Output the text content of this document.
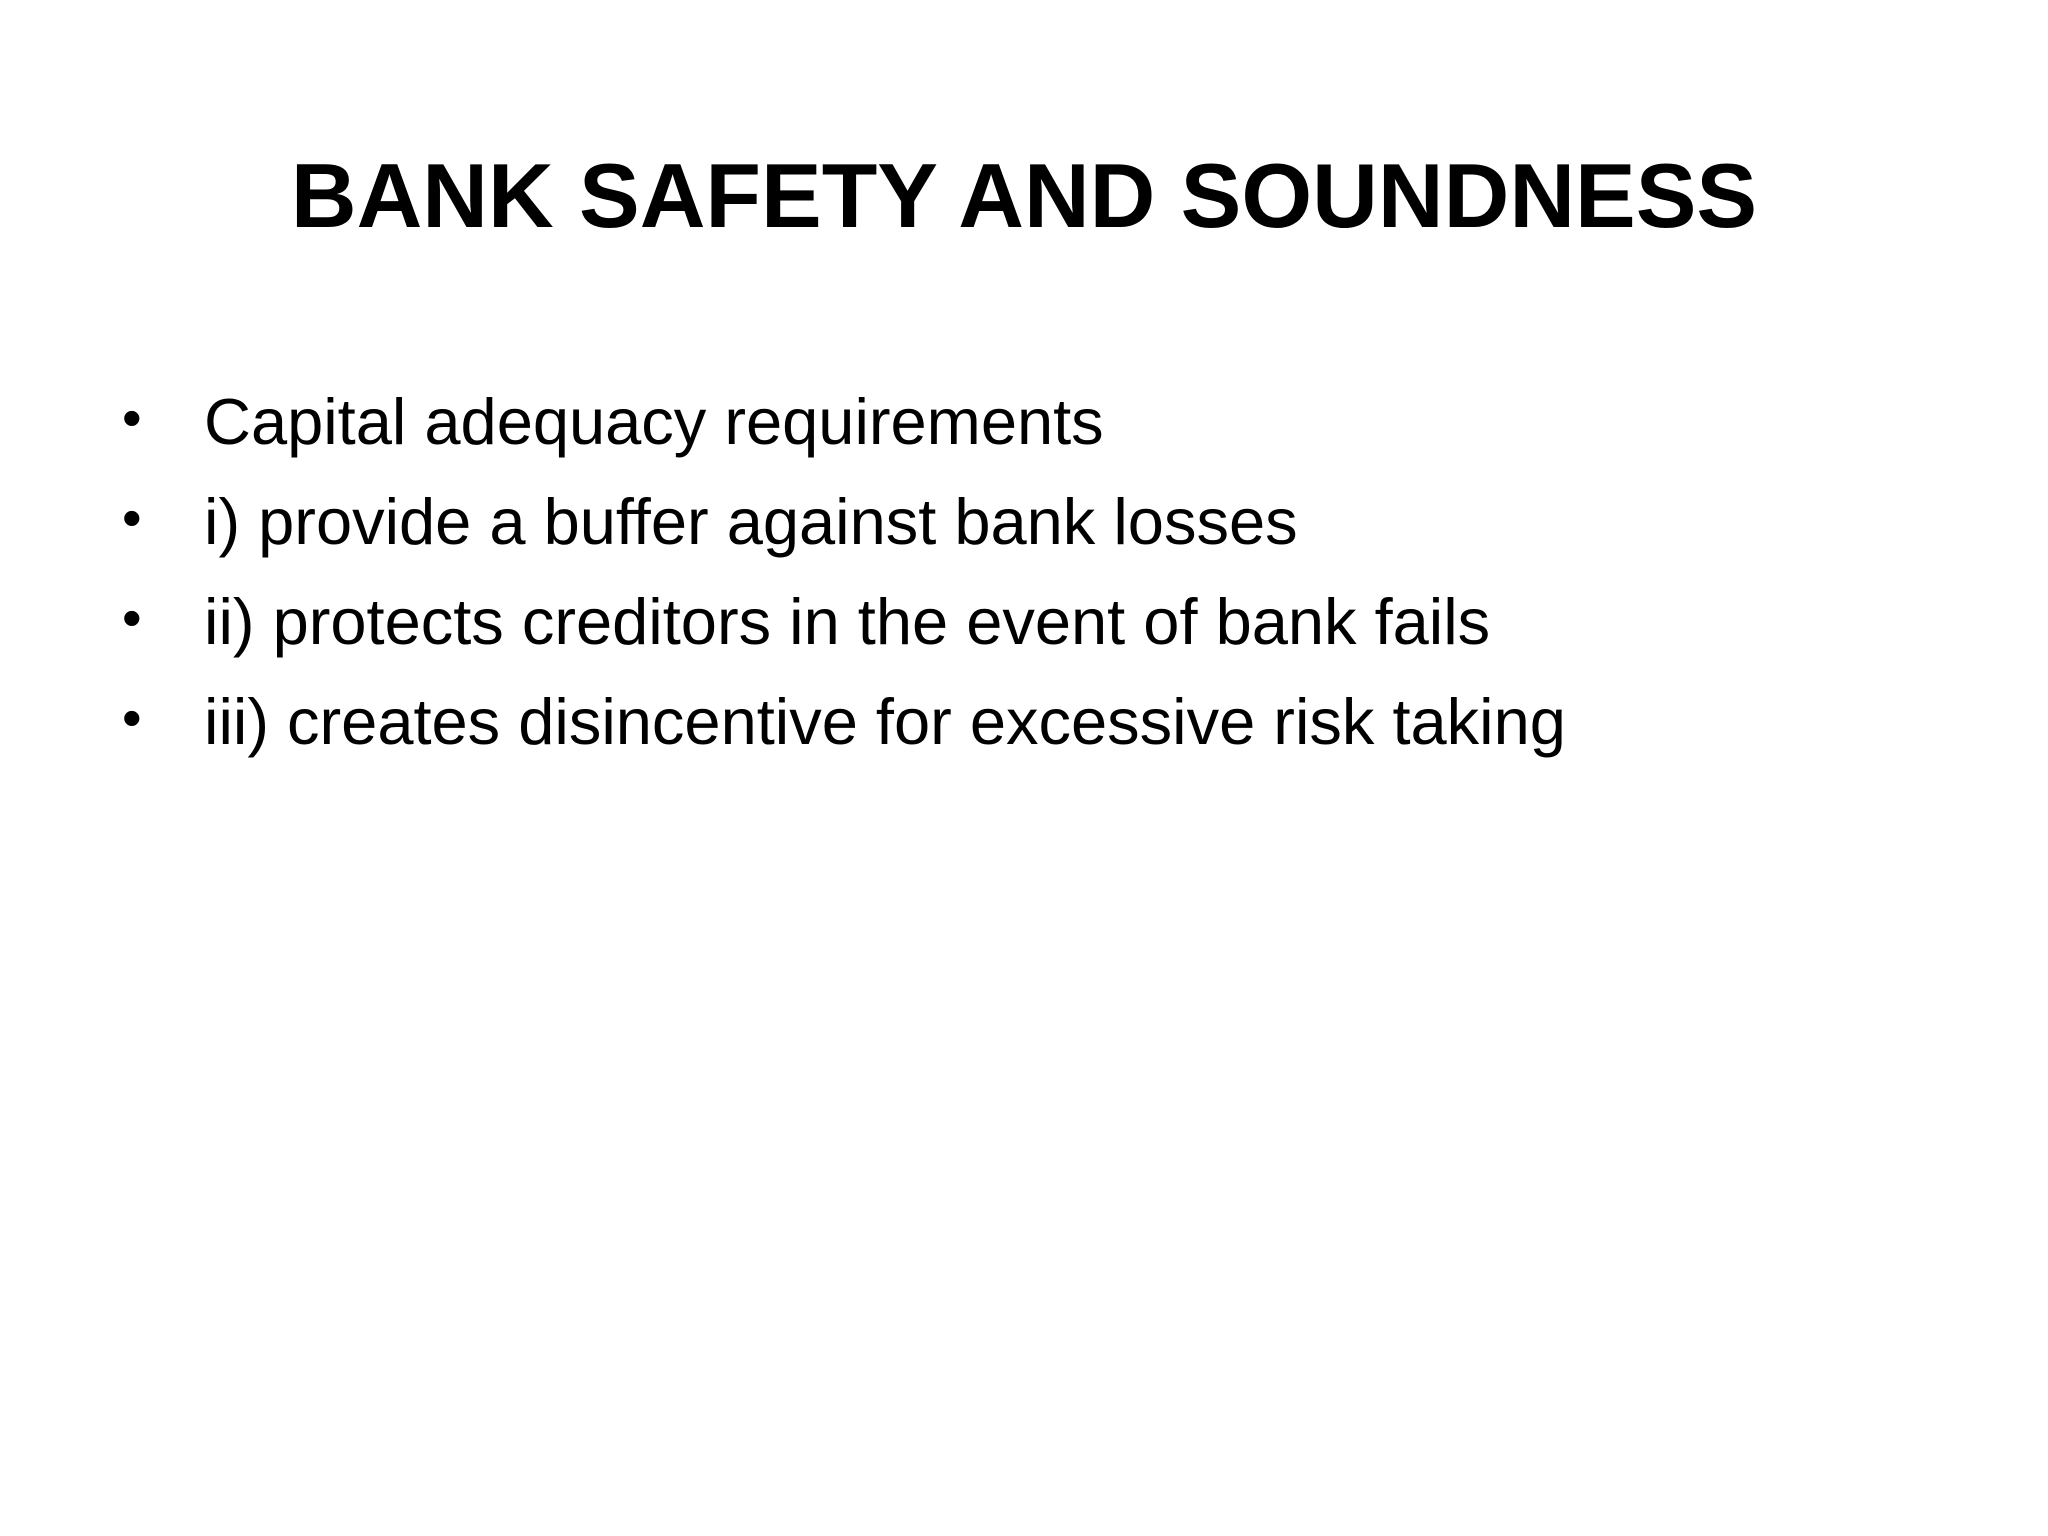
BANK SAFETY AND SOUNDNESS
• Capital adequacy requirements
• i) provide a buffer against bank losses
• ii) protects creditors in the event of bank fails
• iii) creates disincentive for excessive risk taking
